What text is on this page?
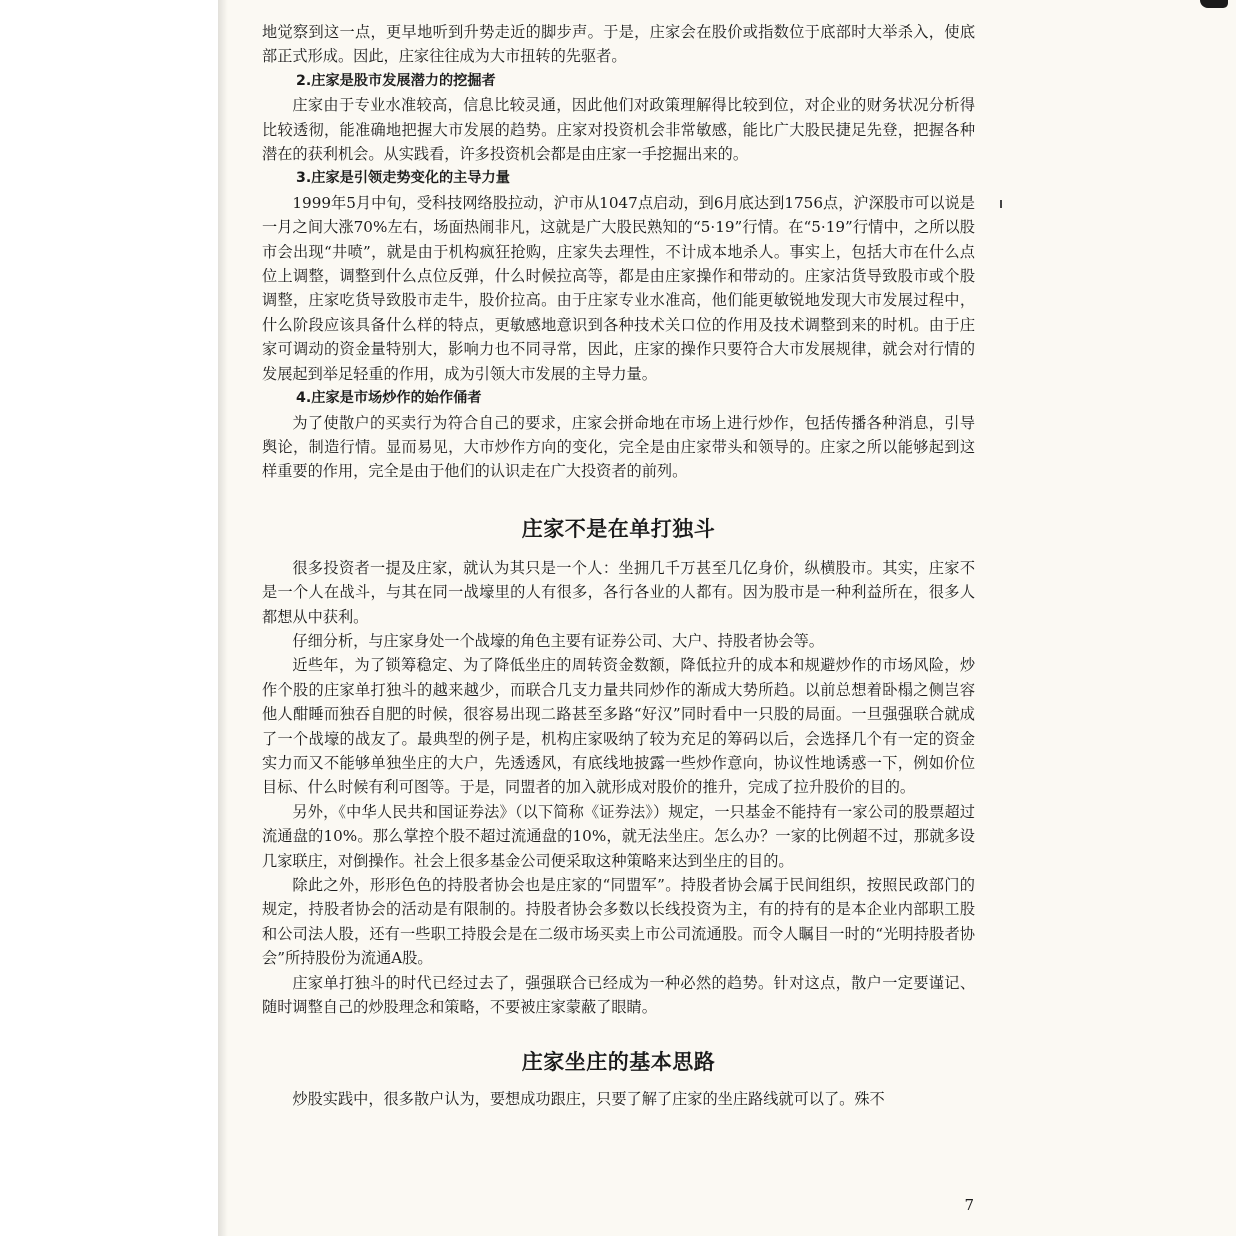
地觉察到这一点，更早地听到升势走近的脚步声。于是，庄家会在股价或指数位于底部时大举杀入，使底部正式形成。因此，庄家往往成为大市扭转的先驱者。

2.庄家是股市发展潜力的挖掘者

庄家由于专业水准较高，信息比较灵通，因此他们对政策理解得比较到位，对企业的财务状况分析得比较透彻，能准确地把握大市发展的趋势。庄家对投资机会非常敏感，能比广大股民捷足先登，把握各种潜在的获利机会。从实践看，许多投资机会都是由庄家一手挖掘出来的。

3.庄家是引领走势变化的主导力量

1999年5月中旬，受科技网络股拉动，沪市从1047点启动，到6月底达到1756点，沪深股市可以说是一月之间大涨70%左右，场面热闹非凡，这就是广大股民熟知的“5·19”行情。在“5·19”行情中，之所以股市会出现“井喷”，就是由于机构疯狂抢购，庄家失去理性，不计成本地杀人。事实上，包括大市在什么点位上调整，调整到什么点位反弹，什么时候拉高等，都是由庄家操作和带动的。庄家沽货导致股市或个股调整，庄家吃货导致股市走牛，股价拉高。由于庄家专业水准高，他们能更敏锐地发现大市发展过程中，什么阶段应该具备什么样的特点，更敏感地意识到各种技术关口位的作用及技术调整到来的时机。由于庄家可调动的资金量特别大，影响力也不同寻常，因此，庄家的操作只要符合大市发展规律，就会对行情的发展起到举足轻重的作用，成为引领大市发展的主导力量。

4.庄家是市场炒作的始作俑者

为了使散户的买卖行为符合自己的要求，庄家会拼命地在市场上进行炒作，包括传播各种消息，引导舆论，制造行情。显而易见，大市炒作方向的变化，完全是由庄家带头和领导的。庄家之所以能够起到这样重要的作用，完全是由于他们的认识走在广大投资者的前列。

庄家不是在单打独斗

很多投资者一提及庄家，就认为其只是一个人：坐拥几千万甚至几亿身价，纵横股市。其实，庄家不是一个人在战斗，与其在同一战壕里的人有很多，各行各业的人都有。因为股市是一种利益所在，很多人都想从中获利。

仔细分析，与庄家身处一个战壕的角色主要有证券公司、大户、持股者协会等。

近些年，为了锁筹稳定、为了降低坐庄的周转资金数额，降低拉升的成本和规避炒作的市场风险，炒作个股的庄家单打独斗的越来越少，而联合几支力量共同炒作的渐成大势所趋。以前总想着卧榻之侧岂容他人酣睡而独吞自肥的时候，很容易出现二路甚至多路“好汉”同时看中一只股的局面。一旦强强联合就成了一个战壕的战友了。最典型的例子是，机构庄家吸纳了较为充足的筹码以后，会选择几个有一定的资金实力而又不能够单独坐庄的大户，先透透风，有底线地披露一些炒作意向，协议性地诱惑一下，例如价位目标、什么时候有利可图等。于是，同盟者的加入就形成对股价的推升，完成了拉升股价的目的。

另外，《中华人民共和国证券法》（以下简称《证券法》）规定，一只基金不能持有一家公司的股票超过流通盘的10%。那么掌控个股不超过流通盘的10%，就无法坐庄。怎么办？一家的比例超不过，那就多设几家联庄，对倒操作。社会上很多基金公司便采取这种策略来达到坐庄的目的。

除此之外，形形色色的持股者协会也是庄家的“同盟军”。持股者协会属于民间组织，按照民政部门的规定，持股者协会的活动是有限制的。持股者协会多数以长线投资为主，有的持有的是本企业内部职工股和公司法人股，还有一些职工持股会是在二级市场买卖上市公司流通股。而令人瞩目一时的“光明持股者协会”所持股份为流通A股。

庄家单打独斗的时代已经过去了，强强联合已经成为一种必然的趋势。针对这点，散户一定要谨记、随时调整自己的炒股理念和策略，不要被庄家蒙蔽了眼睛。

庄家坐庄的基本思路

炒股实践中，很多散户认为，要想成功跟庄，只要了解了庄家的坐庄路线就可以了。殊不

7
